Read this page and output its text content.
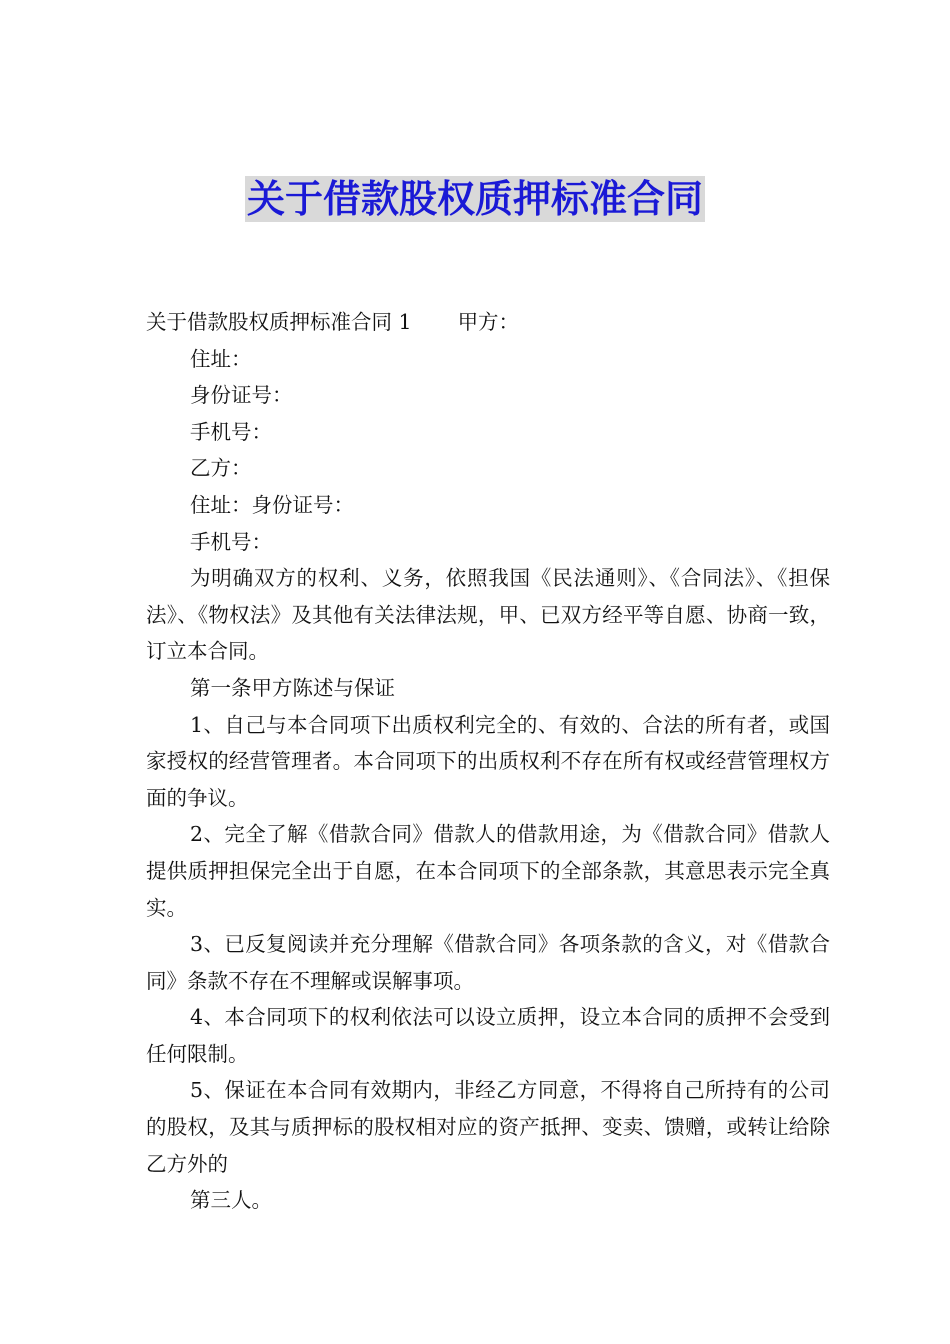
关于借款股权质押标准合同

关于借款股权质押标准合同 1 甲方：

住址：

身份证号：

手机号：

乙方：

住址：身份证号：

手机号：

为明确双方的权利、义务，依照我国《民法通则》、《合同法》、《担保法》、《物权法》及其他有关法律法规，甲、已双方经平等自愿、协商一致，订立本合同。

第一条甲方陈述与保证

1、自己与本合同项下出质权利完全的、有效的、合法的所有者，或国家授权的经营管理者。本合同项下的出质权利不存在所有权或经营管理权方面的争议。

2、完全了解《借款合同》借款人的借款用途，为《借款合同》借款人提供质押担保完全出于自愿，在本合同项下的全部条款，其意思表示完全真实。

3、已反复阅读并充分理解《借款合同》各项条款的含义，对《借款合同》条款不存在不理解或误解事项。

4、本合同项下的权利依法可以设立质押，设立本合同的质押不会受到任何限制。

5、保证在本合同有效期内，非经乙方同意，不得将自己所持有的公司的股权，及其与质押标的股权相对应的资产抵押、变卖、馈赠，或转让给除乙方外的

第三人。
